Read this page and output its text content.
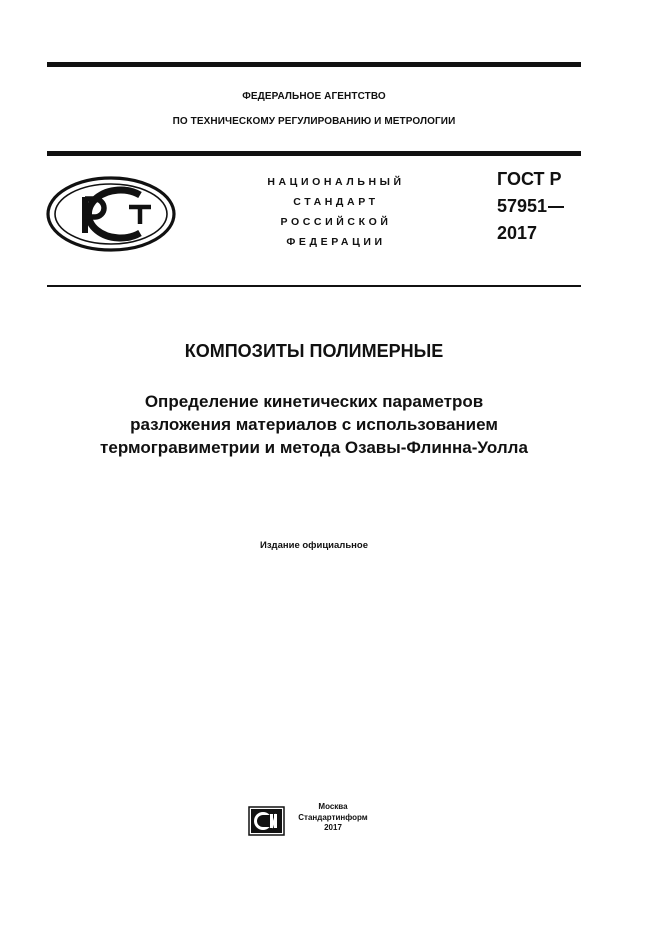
ФЕДЕРАЛЬНОЕ АГЕНТСТВО
ПО ТЕХНИЧЕСКОМУ РЕГУЛИРОВАНИЮ И МЕТРОЛОГИИ
НАЦИОНАЛЬНЫЙ
СТАНДАРТ
РОССИЙСКОЙ
ФЕДЕРАЦИИ
ГОСТ Р
57951
2017
КОМПОЗИТЫ ПОЛИМЕРНЫЕ
Определение кинетических параметров
разложения материалов с использованием
термогравиметрии и метода Озавы-Флинна-Уолла
Издание официальное
Москва
Стандартинформ
2017
